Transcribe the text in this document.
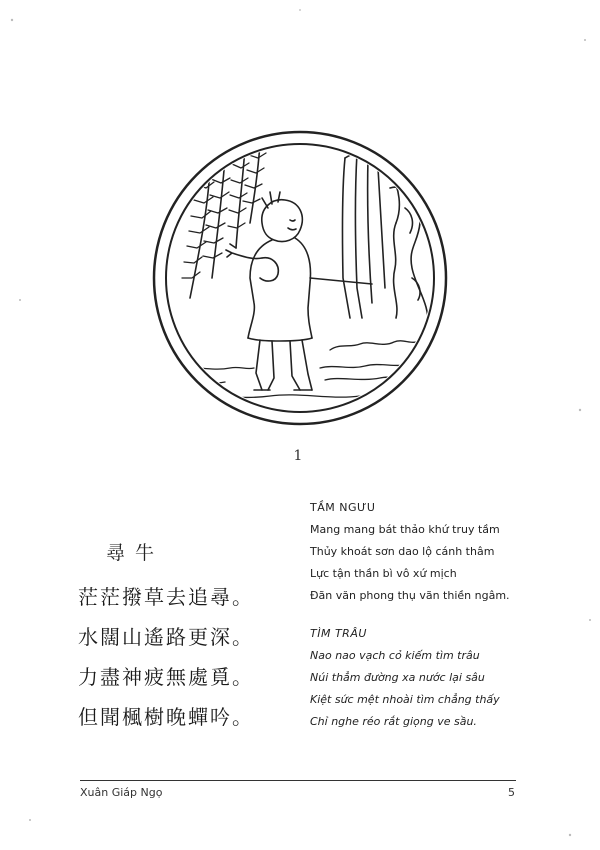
1
尋牛
茫茫撥草去追尋。
水闊山遙路更深。
力盡神疲無處覓。
但聞楓樹晚蟬吟。
TẦM NGƯU
Mang mang bát thảo khứ truy tầm
Thủy khoát sơn dao lộ cánh thâm
Lực tận thần bì vô xứ mịch
Đãn văn phong thụ vãn thiền ngâm.
TÌM TRÂU
Nao nao vạch cỏ kiếm tìm trâu
Núi thẳm đường xa nước lại sâu
Kiệt sức mệt nhoài tìm chẳng thấy
Chỉ nghe réo rắt giọng ve sầu.
Xuân Giáp Ngọ	5
